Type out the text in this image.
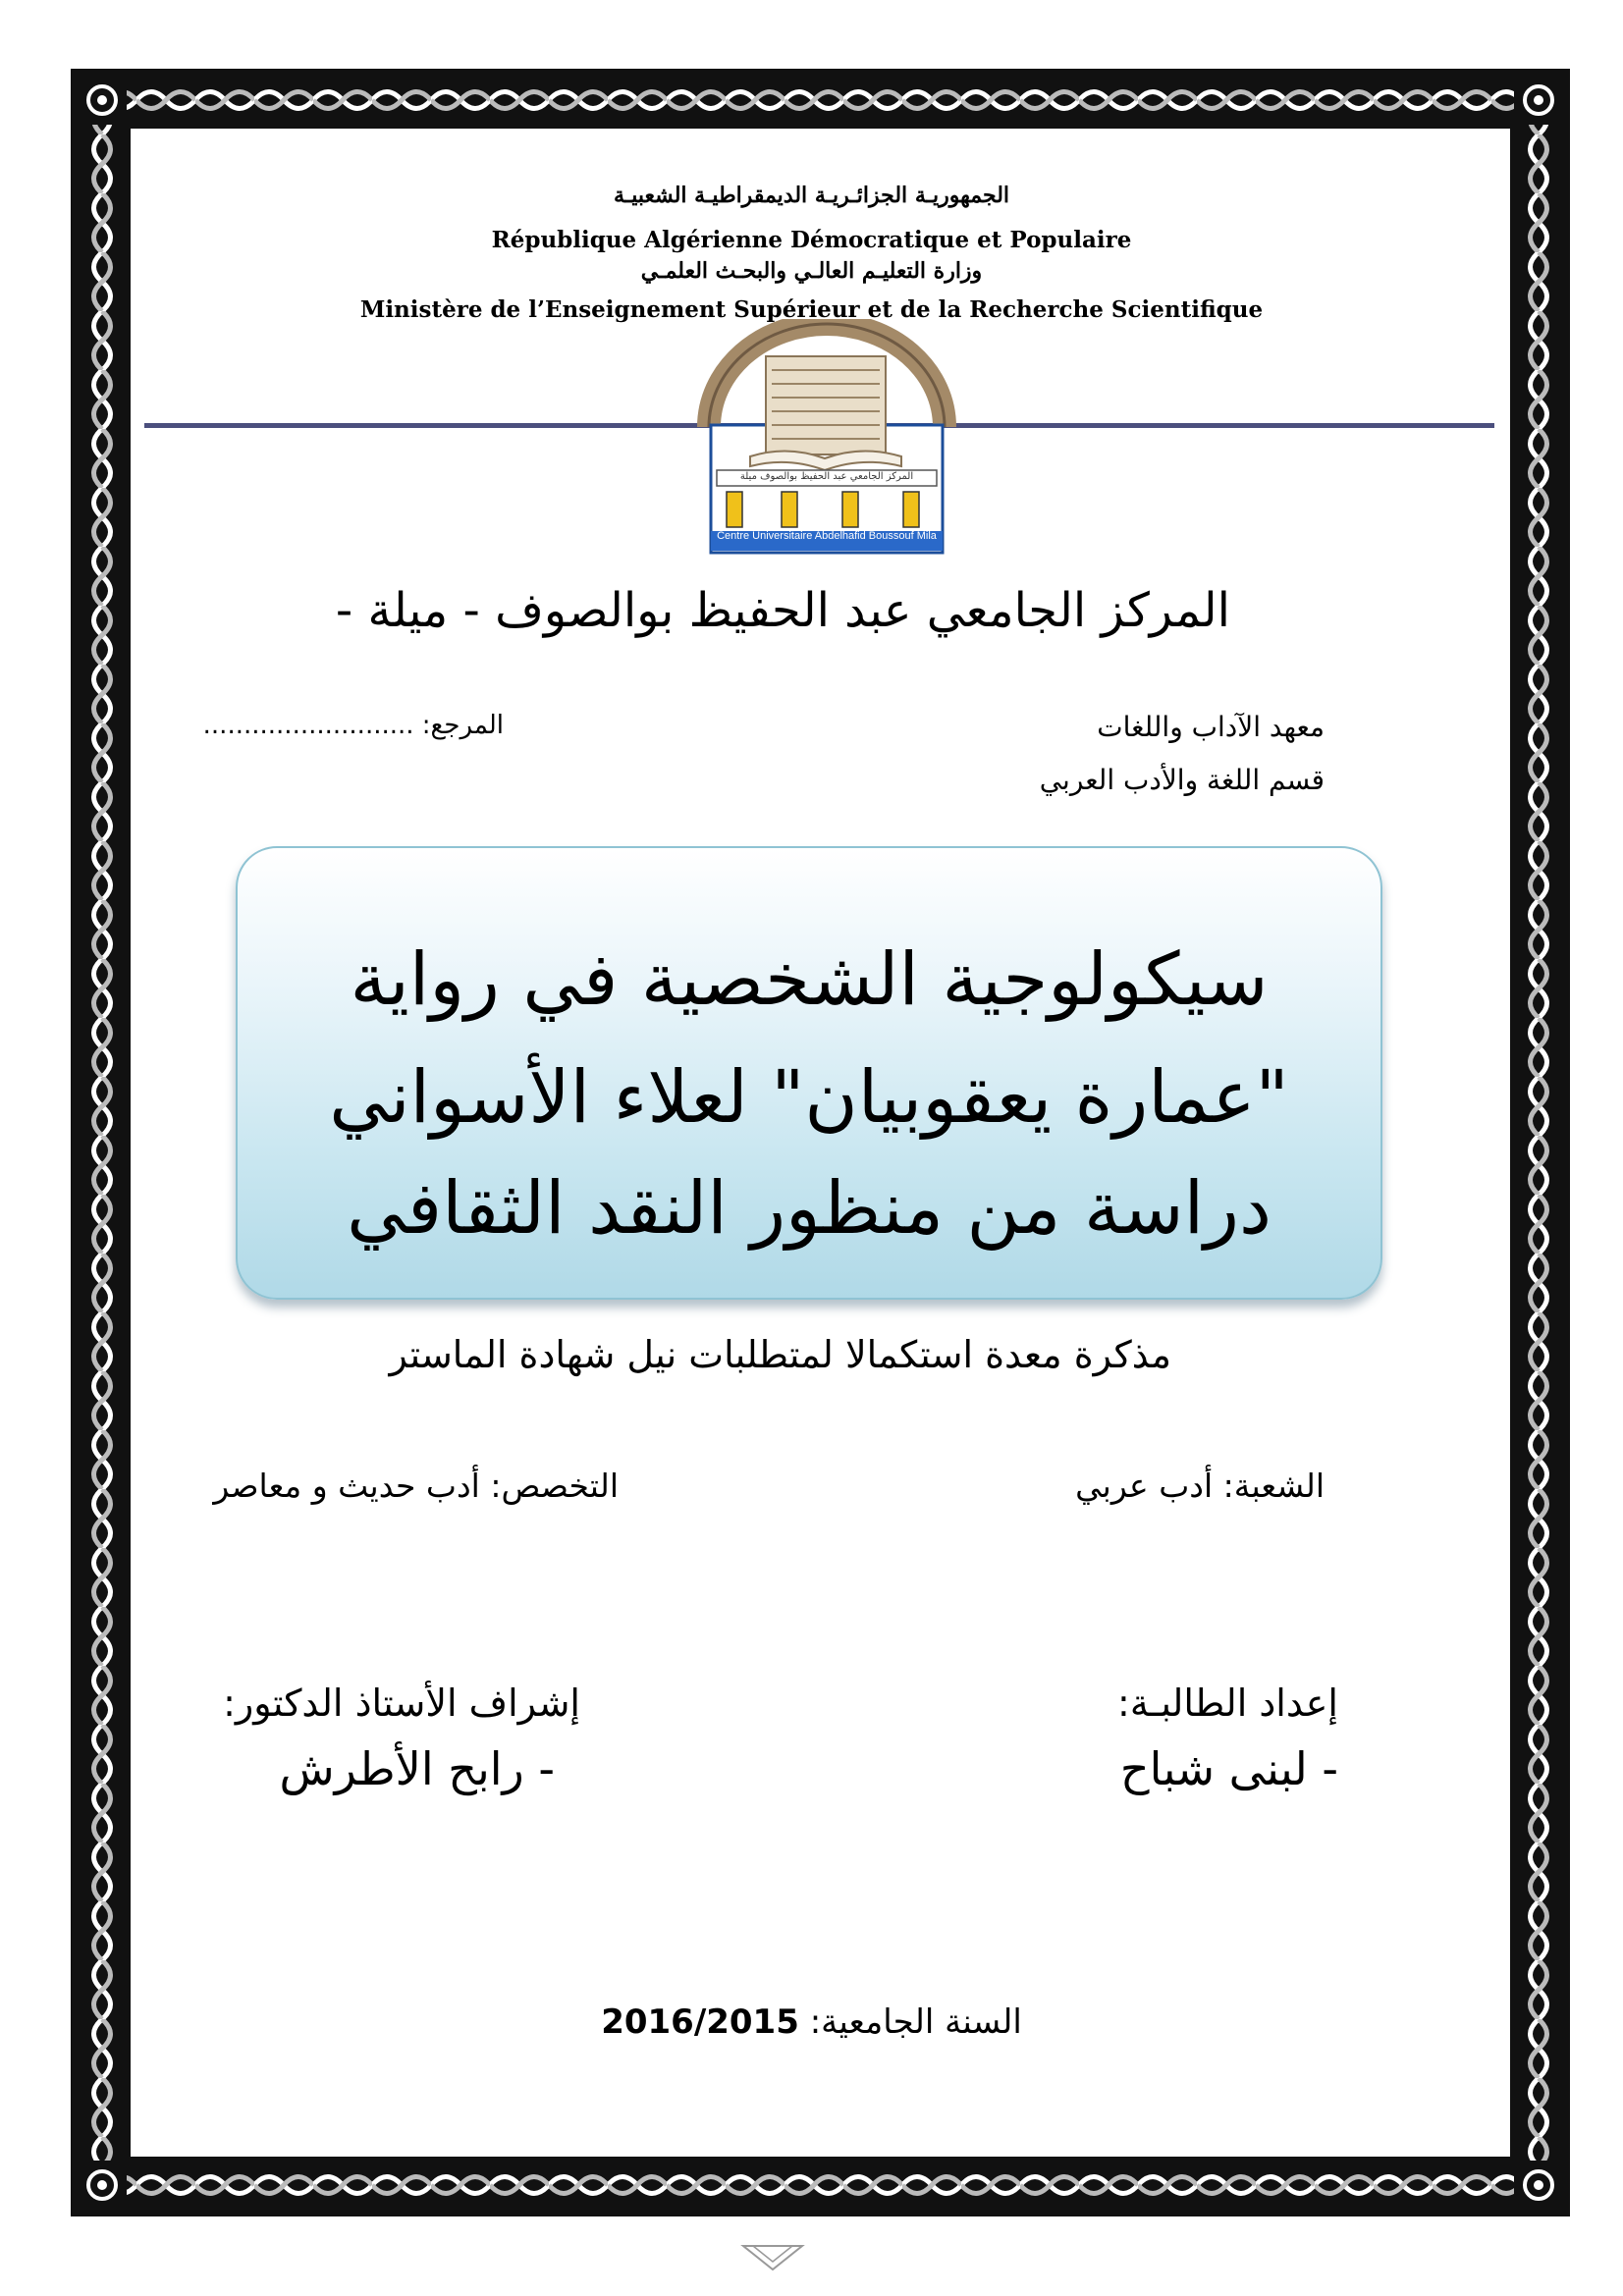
الجمهوريـة الجزائـريـة الديمقراطيـة الشعبيـة
République Algérienne Démocratique et Populaire
وزارة التعليـم العالـي والبحـث العلمـي
Ministère de l’Enseignement Supérieur et de la Recherche Scientifique
Centre Universitaire Abdelhafid Boussouf Mila
المركز الجامعي عبد الحفيظ بوالصوف ميلة
المركز الجامعي عبد الحفيظ بوالصوف - ميلة -
معهد الآداب واللغات
قسم اللغة والأدب العربي
المرجع: ..........................
سيكولوجية الشخصية في رواية
"عمارة يعقوبيان" لعلاء الأسواني
دراسة من منظور النقد الثقافي
مذكرة معدة استكمالا لمتطلبات نيل شهادة الماستر
الشعبة: أدب عربي
التخصص: أدب حديث و معاصر
إعداد الطالبـة:
- لبنى شباح
إشراف الأستاذ الدكتور:
- رابح الأطرش
السنة الجامعية: 2016/2015
